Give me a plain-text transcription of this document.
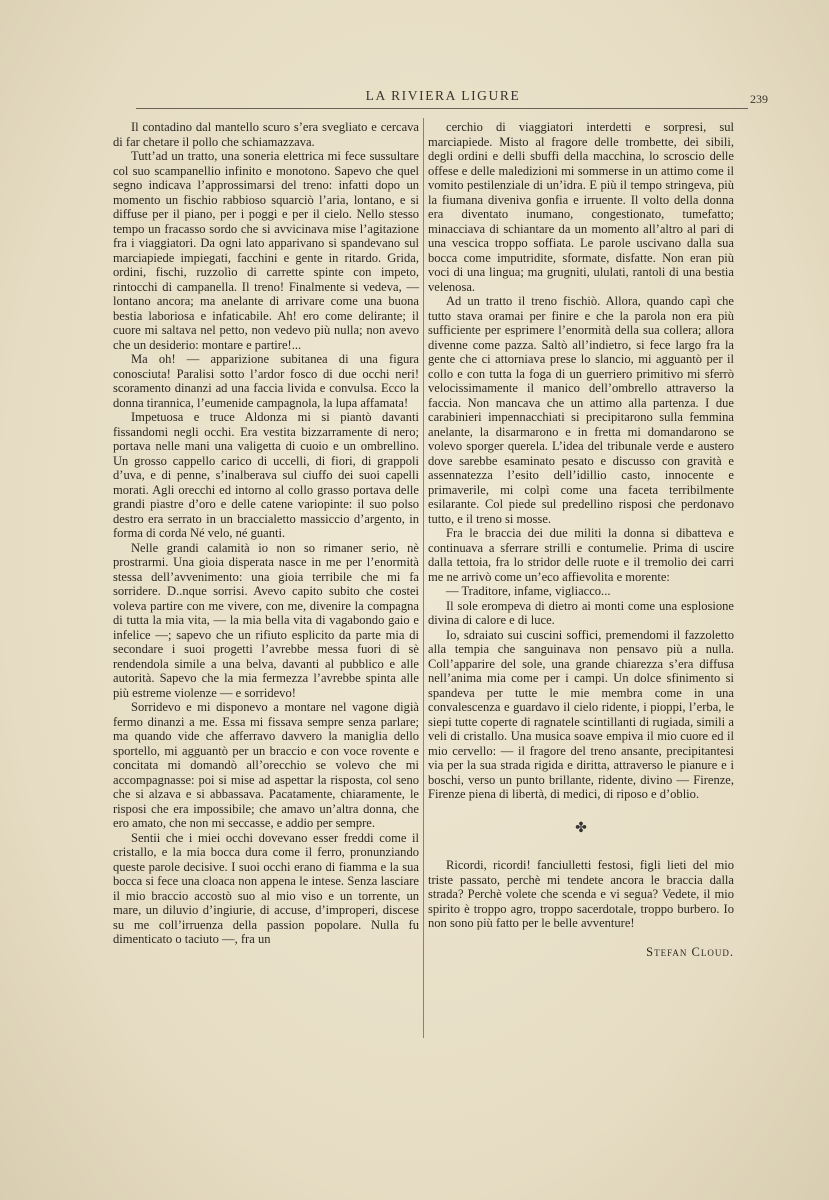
LA RIVIERA LIGURE	239

Il contadino dal mantello scuro s’era svegliato e cercava di far chetare il pollo che schiamazzava.

Tutt’ad un tratto, una soneria elettrica mi fece sussultare col suo scampanellio infinito e monotono. Sapevo che quel segno indicava l’approssimarsi del treno: infatti dopo un momento un fischio rabbioso squarciò l’aria, lontano, e si diffuse per il piano, per i poggi e per il cielo. Nello stesso tempo un fracasso sordo che si avvicinava mise l’agitazione fra i viaggiatori. Da ogni lato apparivano si spandevano sul marciapiede impiegati, facchini e gente in ritardo. Grida, ordini, fischi, ruzzolìo di carrette spinte con impeto, rintocchi di campanella. Il treno! Finalmente si vedeva, — lontano ancora; ma anelante di arrivare come una buona bestia laboriosa e infaticabile. Ah! ero come delirante; il cuore mi saltava nel petto, non vedevo più nulla; non avevo che un desiderio: montare e partire!...

Ma oh! — apparizione subitanea di una figura conosciuta! Paralisi sotto l’ardor fosco di due occhi neri! scoramento dinanzi ad una faccia livida e convulsa. Ecco la donna tirannica, l’eumenide campagnola, la lupa affamata!

Impetuosa e truce Aldonza mi si piantò davanti fissandomi negli occhi. Era vestita bizzarramente di nero; portava nelle mani una valigetta di cuoio e un ombrellino. Un grosso cappello carico di uccelli, di fiori, di grappoli d’uva, e di penne, s’inalberava sul ciuffo dei suoi capelli morati. Agli orecchi ed intorno al collo grasso portava delle grandi piastre d’oro e delle catene variopinte: il suo polso destro era serrato in un braccialetto massiccio d’argento, in forma di corda Né velo, né guanti.

Nelle grandi calamità io non so rimaner serio, nè prostrarmi. Una gioia disperata nasce in me per l’enormità stessa dell’avvenimento: una gioia terribile che mi fa sorridere. D..nque sorrisi. Avevo capito subito che costei voleva partire con me vivere, con me, divenire la compagna di tutta la mia vita, — la mia bella vita di vagabondo gaio e infelice —; sapevo che un rifiuto esplicito da parte mia di secondare i suoi progetti l’avrebbe messa fuori di sè rendendola simile a una belva, davanti al pubblico e alle autorità. Sapevo che la mia fermezza l’avrebbe spinta alle più estreme violenze — e sorridevo!

Sorridevo e mi disponevo a montare nel vagone digià fermo dinanzi a me. Essa mi fissava sempre senza parlare; ma quando vide che afferravo davvero la maniglia dello sportello, mi agguantò per un braccio e con voce rovente e concitata mi domandò all’orecchio se volevo che mi accompagnasse: poi si mise ad aspettar la risposta, col seno che si alzava e si abbassava. Pacatamente, chiaramente, le risposi che era impossibile; che amavo un’altra donna, che ero amato, che non mi seccasse, e addio per sempre.

Sentii che i miei occhi dovevano esser freddi come il cristallo, e la mia bocca dura come il ferro, pronunziando queste parole decisive. I suoi occhi erano di fiamma e la sua bocca si fece una cloaca non appena le intese. Senza lasciare il mio braccio accostò suo al mio viso e un torrente, un mare, un diluvio d’ingiurie, di accuse, d’improperi, discese su me coll’irruenza della passion popolare. Nulla fu dimenticato o taciuto —, fra un

cerchio di viaggiatori interdetti e sorpresi, sul marciapiede. Misto al fragore delle trombette, dei sibili, degli ordini e delli sbuffi della macchina, lo scroscio delle offese e delle maledizioni mi sommerse in un attimo come il vomito pestilenziale di un’idra. E più il tempo stringeva, più la fiumana diveniva gonfia e irruente. Il volto della donna era diventato inumano, congestionato, tumefatto; minacciava di schiantare da un momento all’altro al pari di una vescica troppo soffiata. Le parole uscivano dalla sua bocca come imputridite, sformate, disfatte. Non eran più voci di una lingua; ma grugniti, ululati, rantoli di una bestia velenosa.

Ad un tratto il treno fischiò. Allora, quando capì che tutto stava oramai per finire e che la parola non era più sufficiente per esprimere l’enormità della sua collera; allora divenne come pazza. Saltò all’indietro, si fece largo fra la gente che ci attorniava prese lo slancio, mi agguantò per il collo e con tutta la foga di un guerriero primitivo mi sferrò velocissimamente il manico dell’ombrello attraverso la faccia. Non mancava che un attimo alla partenza. I due carabinieri impennacchiati si precipitarono sulla femmina anelante, la disarmarono e in fretta mi domandarono se volevo sporger querela. L’idea del tribunale verde e austero dove sarebbe esaminato pesato e discusso con gravità e assennatezza l’esito dell’idillio casto, innocente e primaverile, mi colpì come una faceta terribilmente esilarante. Col piede sul predellino risposi che perdonavo tutto, e il treno si mosse.

Fra le braccia dei due militi la donna si dibatteva e continuava a sferrare strilli e contumelie. Prima di uscire dalla tettoia, fra lo stridor delle ruote e il tremolio dei carri me ne arrivò come un’eco affievolita e morente:

— Traditore, infame, vigliacco...

Il sole erompeva di dietro ai monti come una esplosione divina di calore e di luce.

Io, sdraiato sui cuscini soffici, premendomi il fazzoletto alla tempia che sanguinava non pensavo più a nulla. Coll’apparire del sole, una grande chiarezza s’era diffusa nell’anima mia come per i campi. Un dolce sfinimento si spandeva per tutte le mie membra come in una convalescenza e guardavo il cielo ridente, i pioppi, l’erba, le siepi tutte coperte di ragnatele scintillanti di rugiada, simili a veli di cristallo. Una musica soave empiva il mio cuore ed il mio cervello: — il fragore del treno ansante, precipitantesi via per la sua strada rigida e diritta, attraverso le pianure e i boschi, verso un punto brillante, ridente, divino — Firenze, Firenze piena di libertà, di medici, di riposo e d’oblio.

✤

Ricordi, ricordi! fanciulletti festosi, figli lieti del mio triste passato, perchè mi tendete ancora le braccia dalla strada? Perchè volete che scenda e vi segua? Vedete, il mio spirito è troppo agro, troppo sacerdotale, troppo burbero. Io non sono più fatto per le belle avventure!

Stefan Cloud.
